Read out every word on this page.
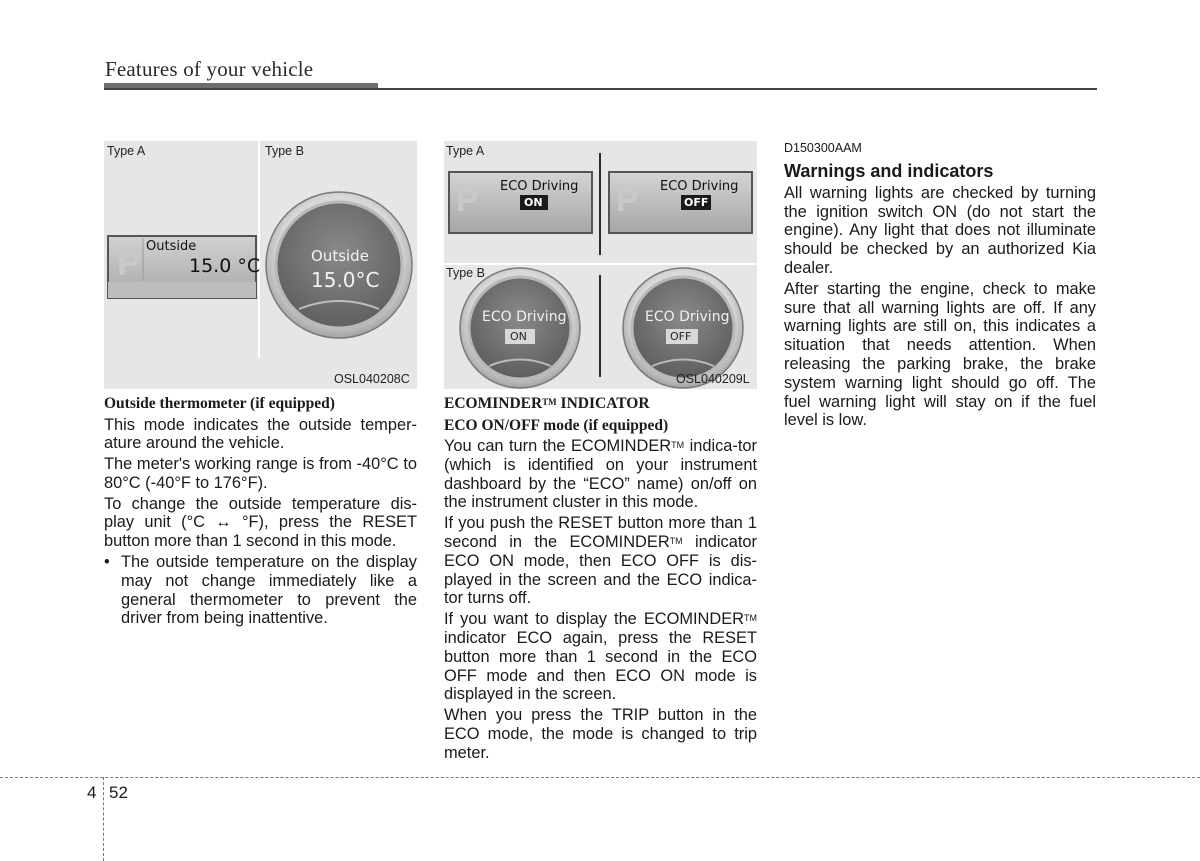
Features of your vehicle
Type A	Type B
P Outside
15.0 °C	Outside
15.0°C
OSL040208C
Type A
Type B
P	P
ECO Driving
ON
ECO Driving
OFF
ECO Driving
ON
ECO Driving
OFF
OSL040209L

Outside thermometer (if equipped)

This mode indicates the outside temper-ature around the vehicle.

The meter's working range is from -40°C to 80°C (-40°F to 176°F).

To change the outside temperature dis-play unit (°C ↔ °F), press the RESET button more than 1 second in this mode.

• The outside temperature on the display may not change immediately like a general thermometer to prevent the driver from being inattentive.

ECOMINDER™ INDICATOR

ECO ON/OFF mode (if equipped)

You can turn the ECOMINDER™ indica-tor (which is identified on your instrument dashboard by the “ECO” name) on/off on the instrument cluster in this mode.

If you push the RESET button more than 1 second in the ECOMINDER™ indicator ECO ON mode, then ECO OFF is dis-played in the screen and the ECO indica-tor turns off.

If you want to display the ECOMINDER™ indicator ECO again, press the RESET button more than 1 second in the ECO OFF mode and then ECO ON mode is displayed in the screen.

When you press the TRIP button in the ECO mode, the mode is changed to trip meter.

D150300AAM

Warnings and indicators

All warning lights are checked by turning the ignition switch ON (do not start the engine). Any light that does not illuminate should be checked by an authorized Kia dealer.

After starting the engine, check to make sure that all warning lights are off. If any warning lights are still on, this indicates a situation that needs attention. When releasing the parking brake, the brake system warning light should go off. The fuel warning light will stay on if the fuel level is low.

4 52
